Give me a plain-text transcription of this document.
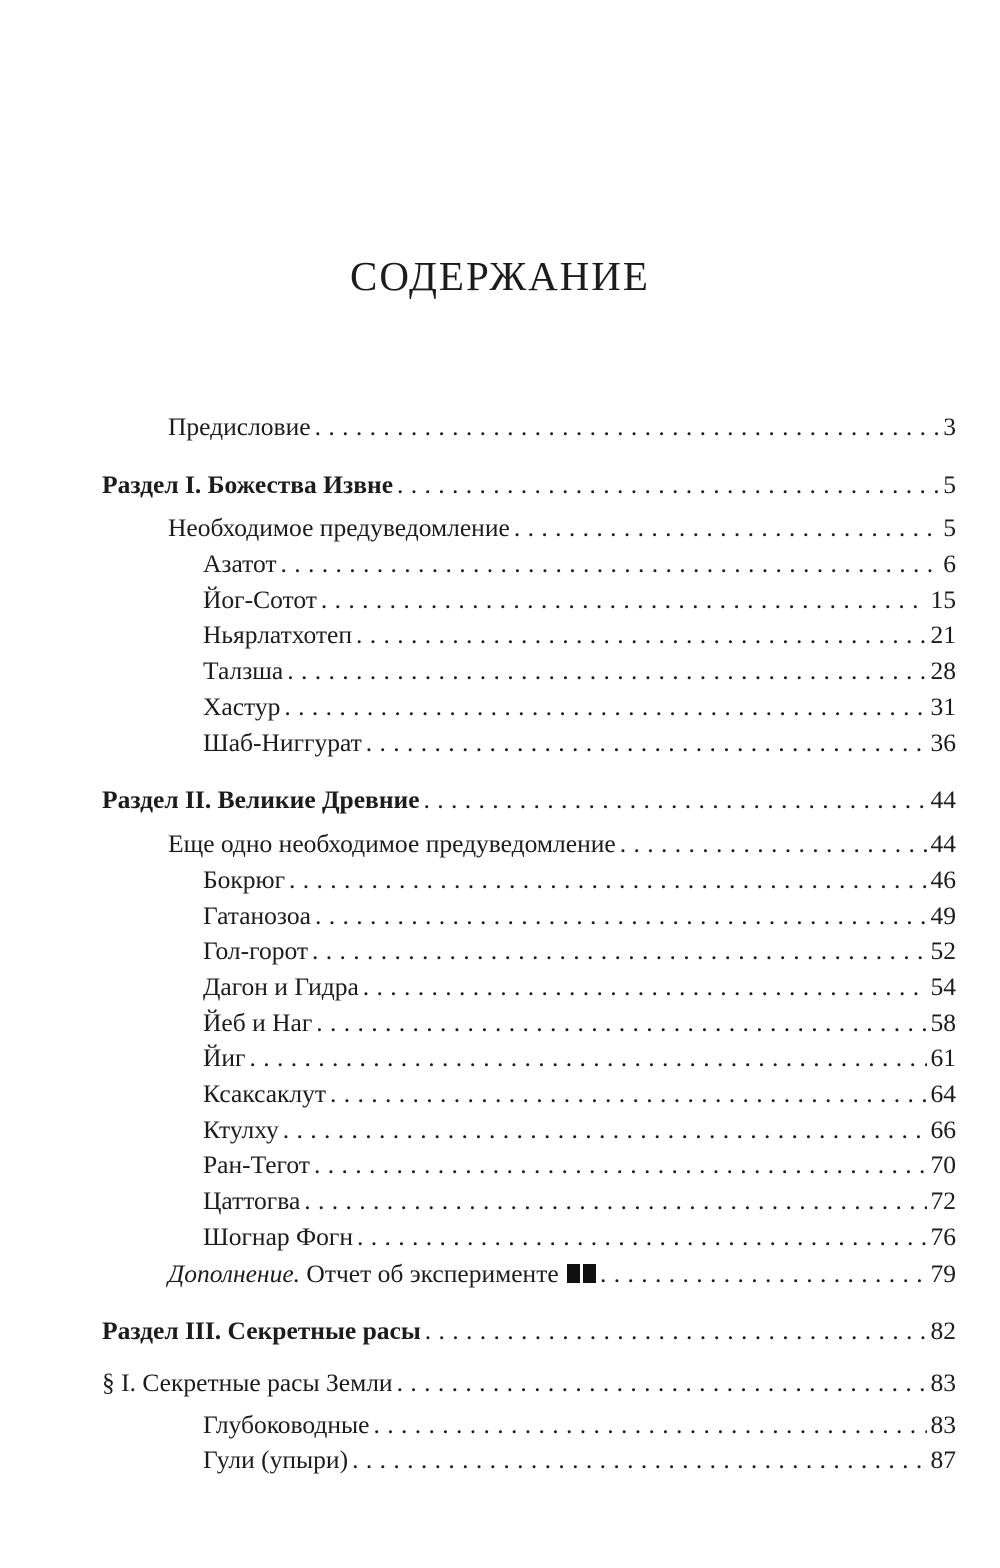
СОДЕРЖАНИЕ
Предисловие . . .	3
Раздел I. Божества Извне . . .	5
Необходимое предуведомление . . .	5
Азатот . . .	6
Йог-Сотот . . .	15
Ньярлатхотеп . . .	21
Талзша . . .	28
Хастур . . .	31
Шаб-Ниггурат . . .	36
Раздел II. Великие Древние . . .	44
Еще одно необходимое предуведомление . . .	44
Бокрюг . . .	46
Гатанозоа . . .	49
Гол-горот . . .	52
Дагон и Гидра . . .	54
Йеб и Наг . . .	58
Йиг . . .	61
Ксаксаклут . . .	64
Ктулху . . .	66
Ран-Тегот . . .	70
Цаттогва . . .	72
Шогнар Фогн . . .	76
Дополнение. Отчет об эксперименте . . .	79
Раздел III. Секретные расы . . .	82
§ I. Секретные расы Земли . . .	83
Глубоководные . . .	83
Гули (упыри) . . .	87
